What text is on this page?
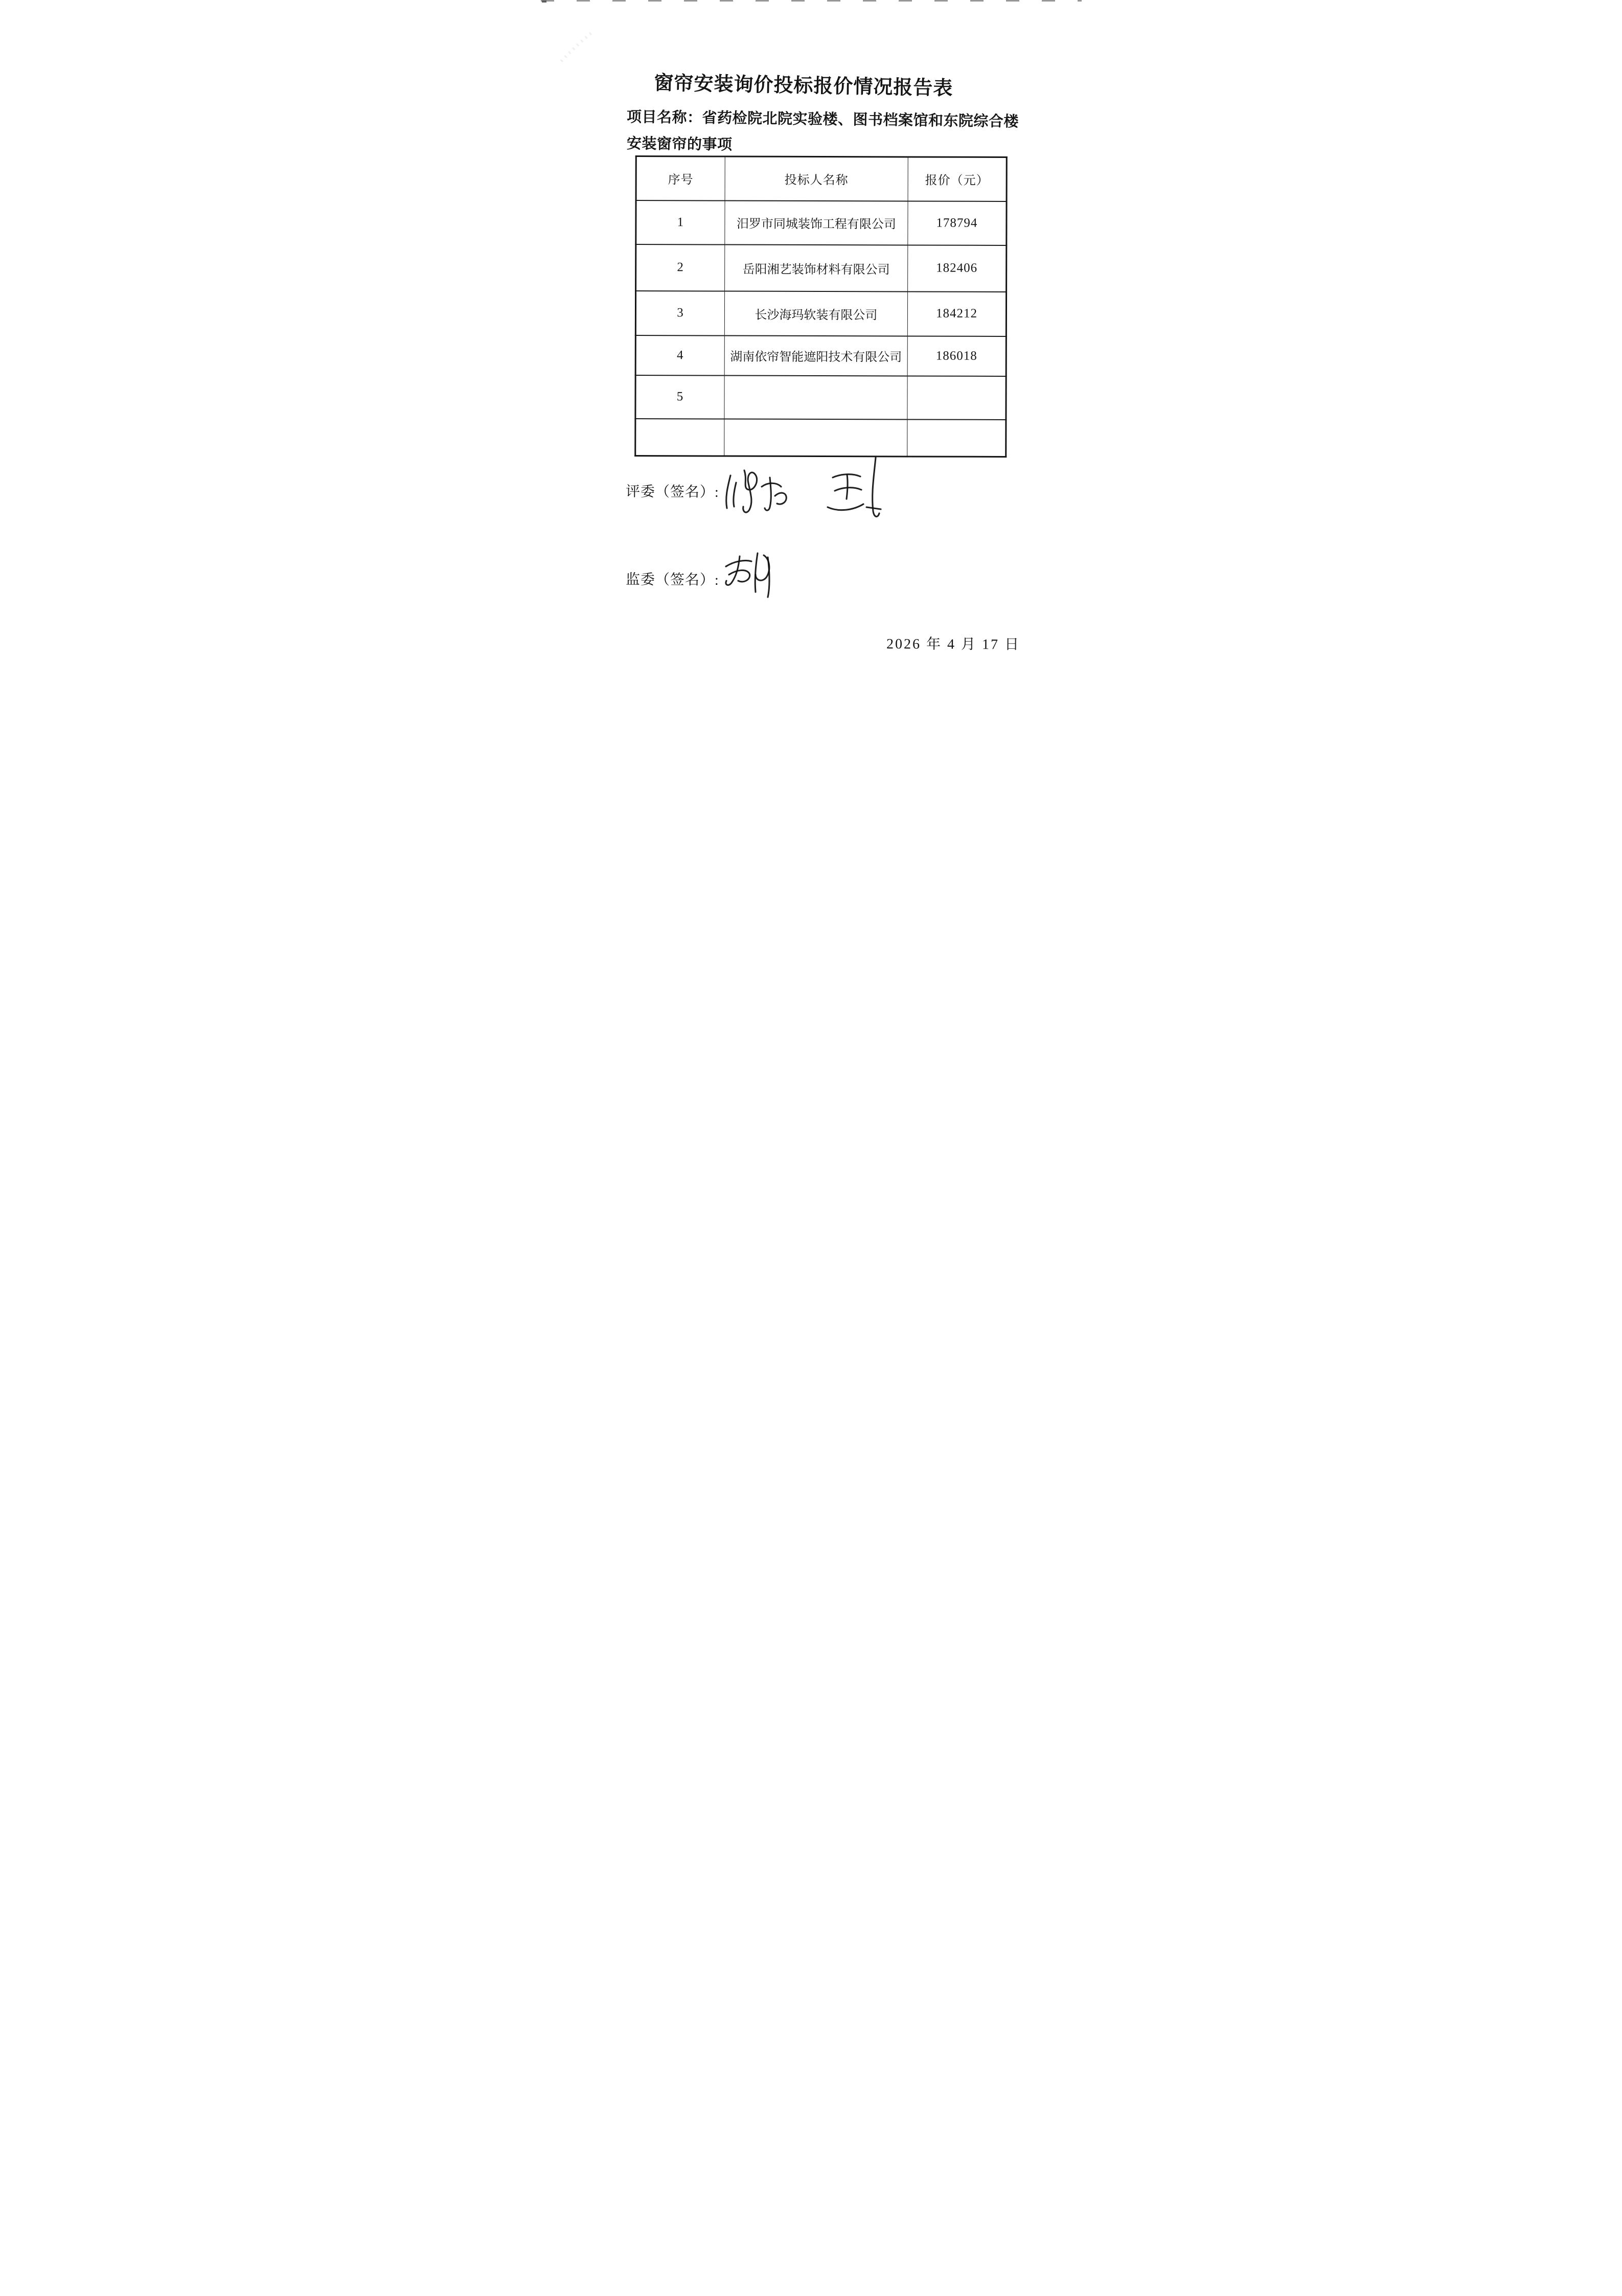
窗帘安装询价投标报价情况报告表
项目名称：省药检院北院实验楼、图书档案馆和东院综合楼
安装窗帘的事项
序号	投标人名称	报价（元）
1	汨罗市同城装饰工程有限公司	178794
2	岳阳湘艺装饰材料有限公司	182406
3	长沙海玛软装有限公司	184212
4	湖南依帘智能遮阳技术有限公司	186018
5		

评委（签名）:
监委（签名）:
2026 年 4 月 17 日
